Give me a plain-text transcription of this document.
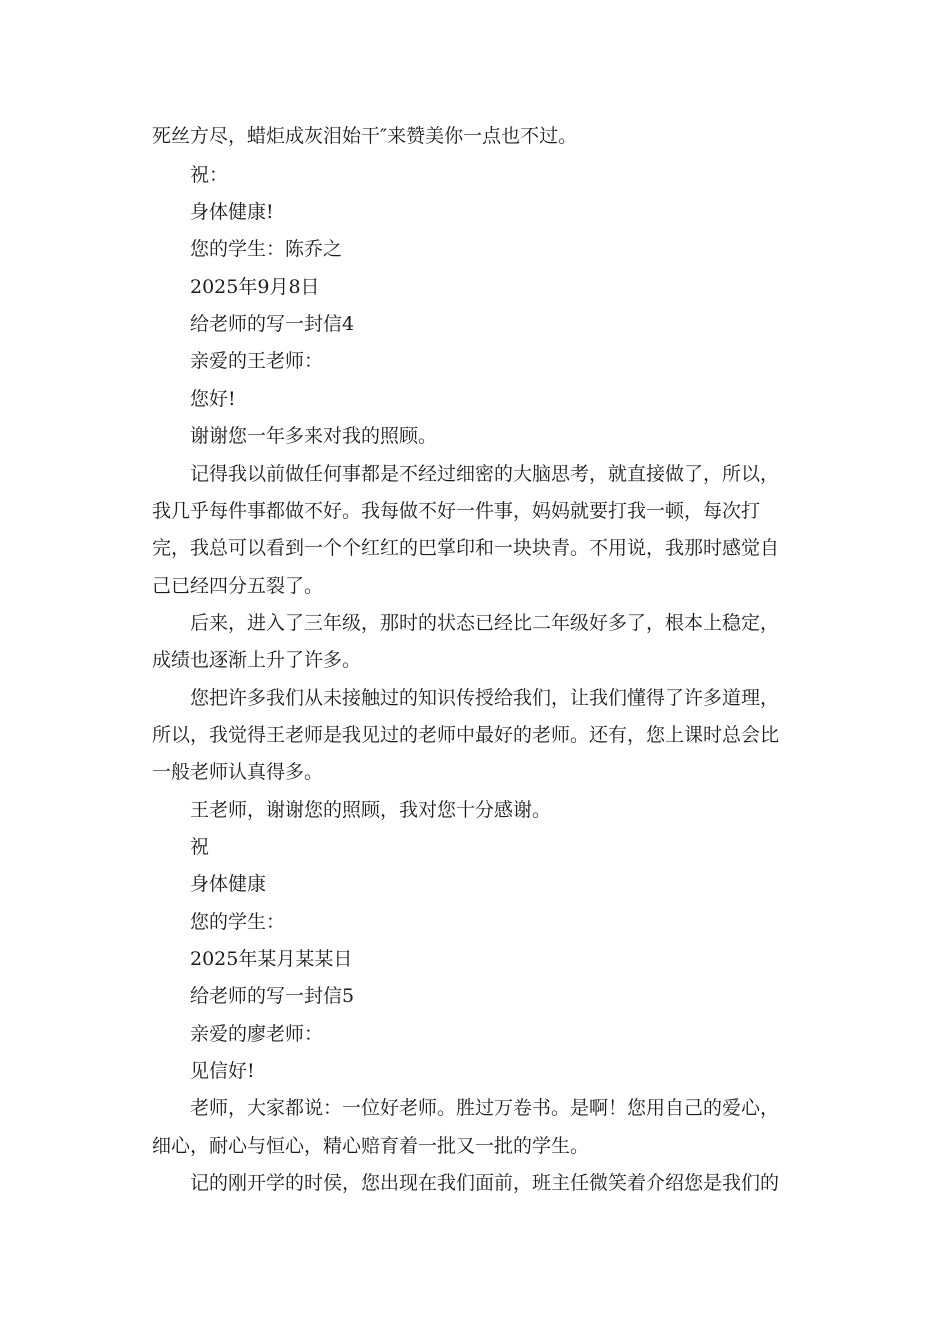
死丝方尽，蜡炬成灰泪始干″来赞美你一点也不过。
祝：
身体健康!
您的学生：陈乔之
2025年9月8日
给老师的写一封信4
亲爱的王老师：
您好!
谢谢您一年多来对我的照顾。
记得我以前做任何事都是不经过细密的大脑思考，就直接做了，所以，
我几乎每件事都做不好。我每做不好一件事，妈妈就要打我一顿，每次打
完，我总可以看到一个个红红的巴掌印和一块块青。不用说，我那时感觉自
己已经四分五裂了。
后来，进入了三年级，那时的状态已经比二年级好多了，根本上稳定，
成绩也逐渐上升了许多。
您把许多我们从未接触过的知识传授给我们，让我们懂得了许多道理，
所以，我觉得王老师是我见过的老师中最好的老师。还有，您上课时总会比
一般老师认真得多。
王老师，谢谢您的照顾，我对您十分感谢。
祝
身体健康
您的学生：
2025年某月某某日
给老师的写一封信5
亲爱的廖老师：
见信好!
老师，大家都说：一位好老师。胜过万卷书。是啊！您用自己的爱心，
细心，耐心与恒心，精心赔育着一批又一批的学生。
记的刚开学的时侯，您出现在我们面前，班主任微笑着介绍您是我们的
